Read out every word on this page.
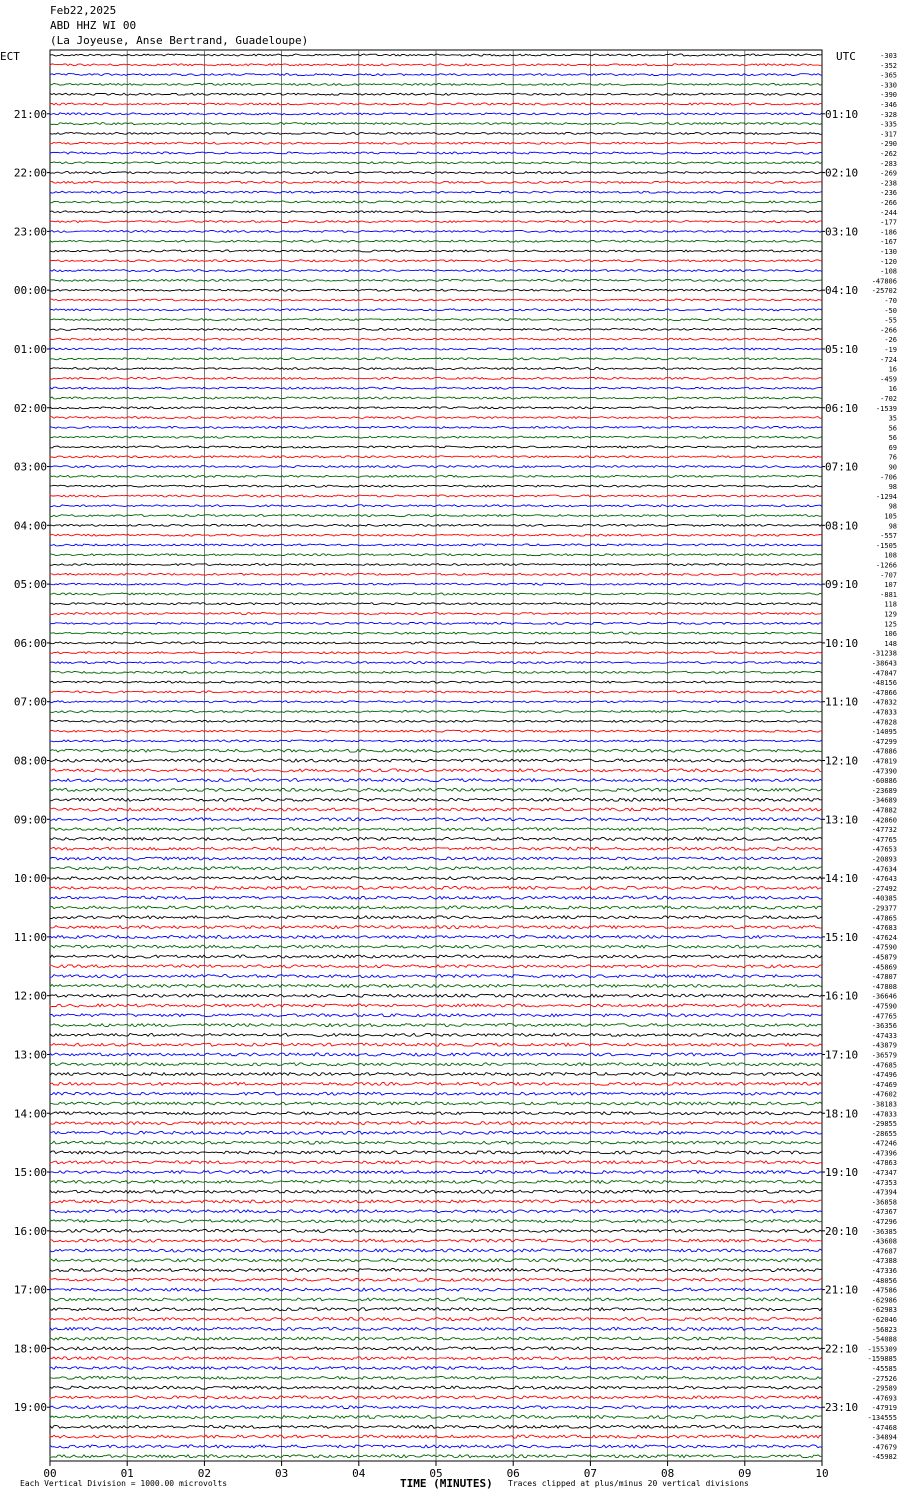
Feb22,2025
ABD HHZ WI 00
(La Joyeuse, Anse Bertrand, Guadeloupe)
ECT	UTC	-303
-352
-365
-330
-390
-346
-328
-335
-317
-290
-262
-283
-269
-238
-236
-266
-244
-177
-186
-167
-130
-120
-108
-47806
-25702
-70
-50
-55
-266
-26
-19
-724
16
-459
16
-702
-1539
35
56
56
69
76
90
-706
98
-1294
98
105
98
-557
-1505
108
-1266
-707
107
-881
118
129
125
106
148
-31238
-38643
-47847
-48156
-47866
-47832
-47833
-47828
-14095
-47299
-47886
-47819
-47390
-60886
-23689
-34689
-47882
-42860
-47732
-47765
-47653
-20893
-47634
-47643
-27492
-40385
-29377
-47865
-47683
-47624
-47590
-45879
-45869
-47807
-47808
-36646
-47590
-47765
-36356
-47433
-43879
-36579
-47685
-47496
-47469
-47602
-38183
-47833
-29855
-28655
-47246
-47396
-47863
-47347
-47353
-47394
-36858
-47367
-47296
-36385
-43608
-47687
-47388
-47336
-48056
-47586
-62986
-62983
-62046
-56823
-54088
-155309
-159885
-45585
-27526
-29589
-47693
-47919
-134555
-47468
-34894
-47679
-45982
21:00
22:00
23:00
00:00
01:00
02:00
03:00
04:00
05:00
06:00
07:00
08:00
09:00
10:00
11:00
12:00
13:00
14:00
15:00
16:00
17:00
18:00
19:00
01:10
02:10
03:10
04:10
05:10
06:10
07:10
08:10
09:10
10:10
11:10
12:10
13:10
14:10
15:10
16:10
17:10
18:10
19:10
20:10
21:10
22:10
23:10
00	01	02	03	04	05	06	07	08	09	10
TIME (MINUTES)
Each Vertical Division = 1000.00 microvolts	Traces clipped at plus/minus 20 vertical divisions
